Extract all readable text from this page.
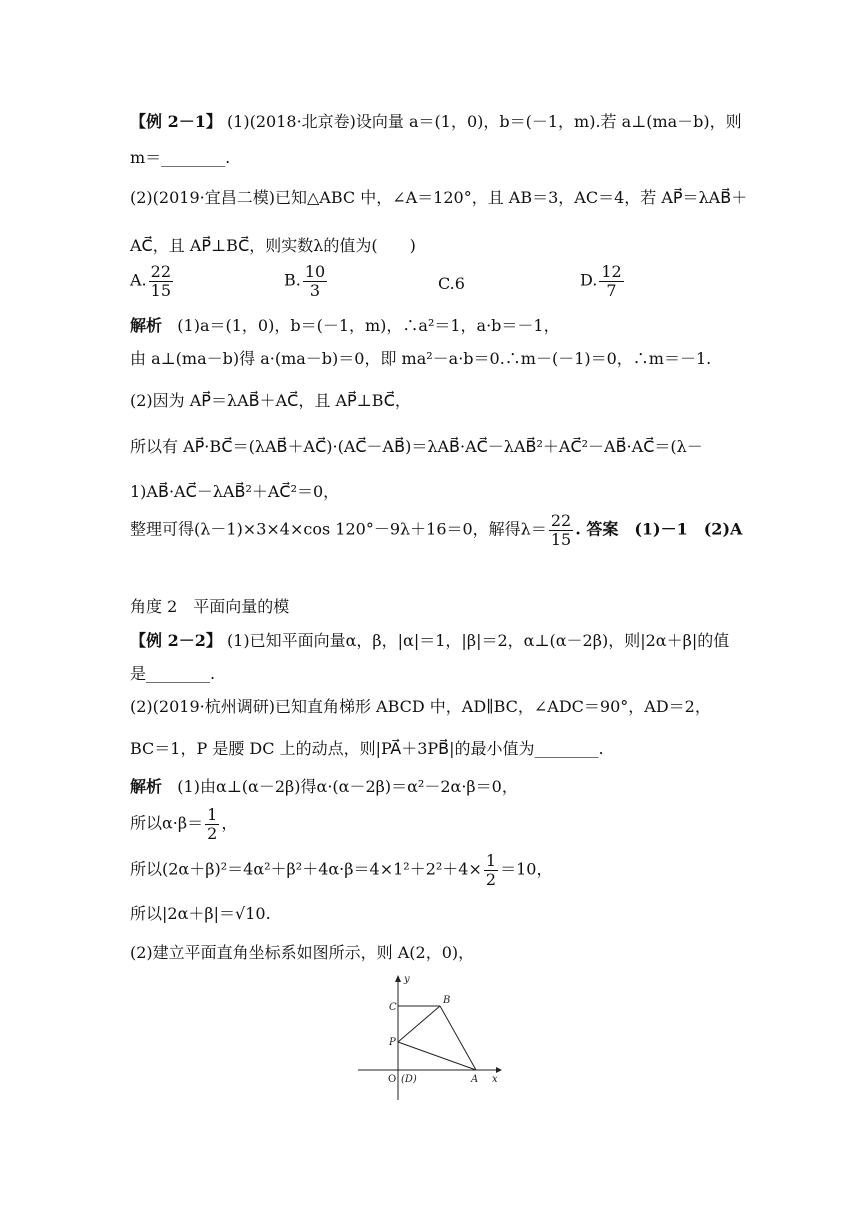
【例 2－1】 (1)(2018·北京卷)设向量 a＝(1，0)，b＝(－1，m).若 a⊥(ma－b)，则
m＝________.
(2)(2019·宜昌二模)已知△ABC 中，∠A＝120°，且 AB＝3，AC＝4，若 AP⃗＝λAB⃗＋
AC⃗，且 AP⃗⊥BC⃗，则实数λ的值为(　　)
A. $\frac{22}{15}$	B. $\frac{10}{3}$	C.6	D. $\frac{12}{7}$
解析 (1)a＝(1，0)，b＝(－1，m)，∴a²＝1，a·b＝－1，
由 a⊥(ma－b)得 a·(ma－b)＝0，即 ma²－a·b＝0.∴m－(－1)＝0，∴m＝－1.
(2)因为 AP⃗＝λAB⃗＋AC⃗，且 AP⃗⊥BC⃗，
所以有 AP⃗·BC⃗＝(λAB⃗＋AC⃗)·(AC⃗－AB⃗)＝λAB⃗·AC⃗－λAB⃗²＋AC⃗²－AB⃗·AC⃗＝(λ－
1)AB⃗·AC⃗－λAB⃗²＋AC⃗²＝0，
整理可得(λ－1)×3×4×cos 120°－9λ＋16＝0，解得$\lambda= \frac{22}{15}$ . 答案　(1)－1　(2)A
角度 2　平面向量的模
【例 2－2】 (1)已知平面向量α，β，|α|＝1，|β|＝2，α⊥(α－2β)，则|2α＋β|的值
是________.
(2)(2019·杭州调研)已知直角梯形 ABCD 中，AD∥BC，∠ADC＝90°，AD＝2，
BC＝1，P 是腰 DC 上的动点，则|PA⃗＋3PB⃗|的最小值为________.
解析 (1)由α⊥(α－2β)得α·(α－2β)＝α²－2α·β＝0，
所以$\alpha\cdot\beta= \frac{1}{2}$ ，
所以$(2\alpha+\beta)^2=4\alpha^2+\beta^2+4\alpha\cdot\beta=4\times 1^2+2^2+4\times \frac{1}{2} =10$，
所以|2α＋β|＝√10.
(2)建立平面直角坐标系如图所示，则 A(2，0)，
y
x
C
B
P
O (D)	A
